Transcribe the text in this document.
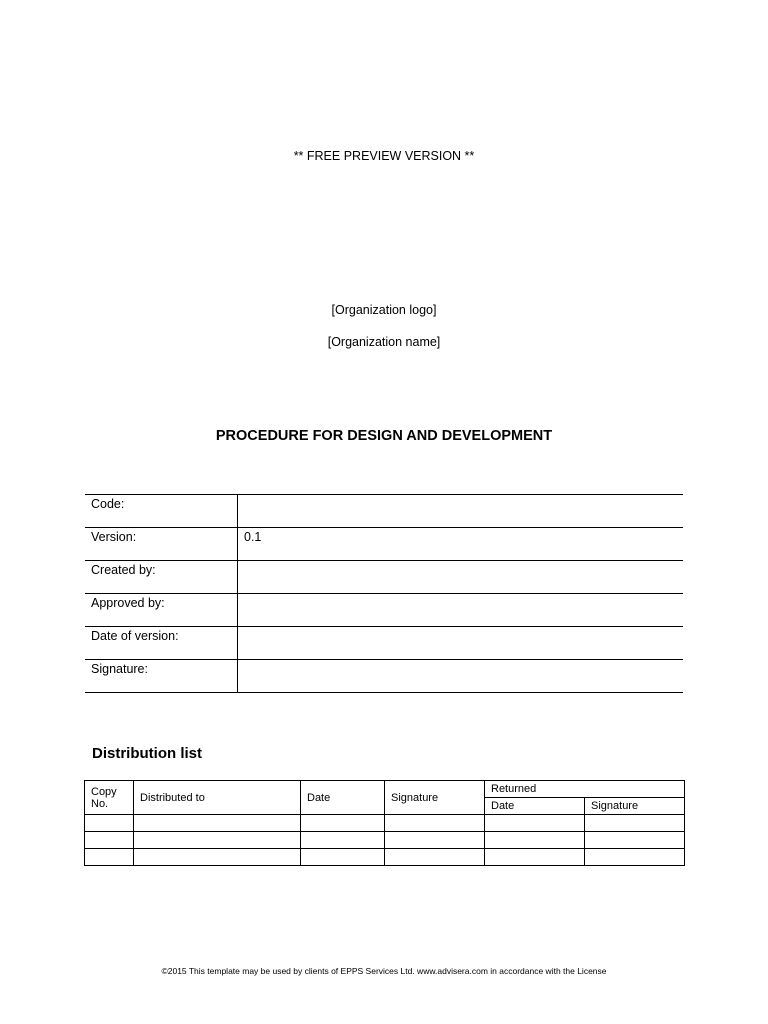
** FREE PREVIEW VERSION **
[Organization logo]
[Organization name]
PROCEDURE FOR DESIGN AND DEVELOPMENT
Code:	
Version:	0.1
Created by:	
Approved by:	
Date of version:	
Signature:	
Distribution list
Copy No.	Distributed to	Date	Signature	Returned	
				Date	Signature

©2015 This template may be used by clients of EPPS Services Ltd. www.advisera.com in accordance with the License
